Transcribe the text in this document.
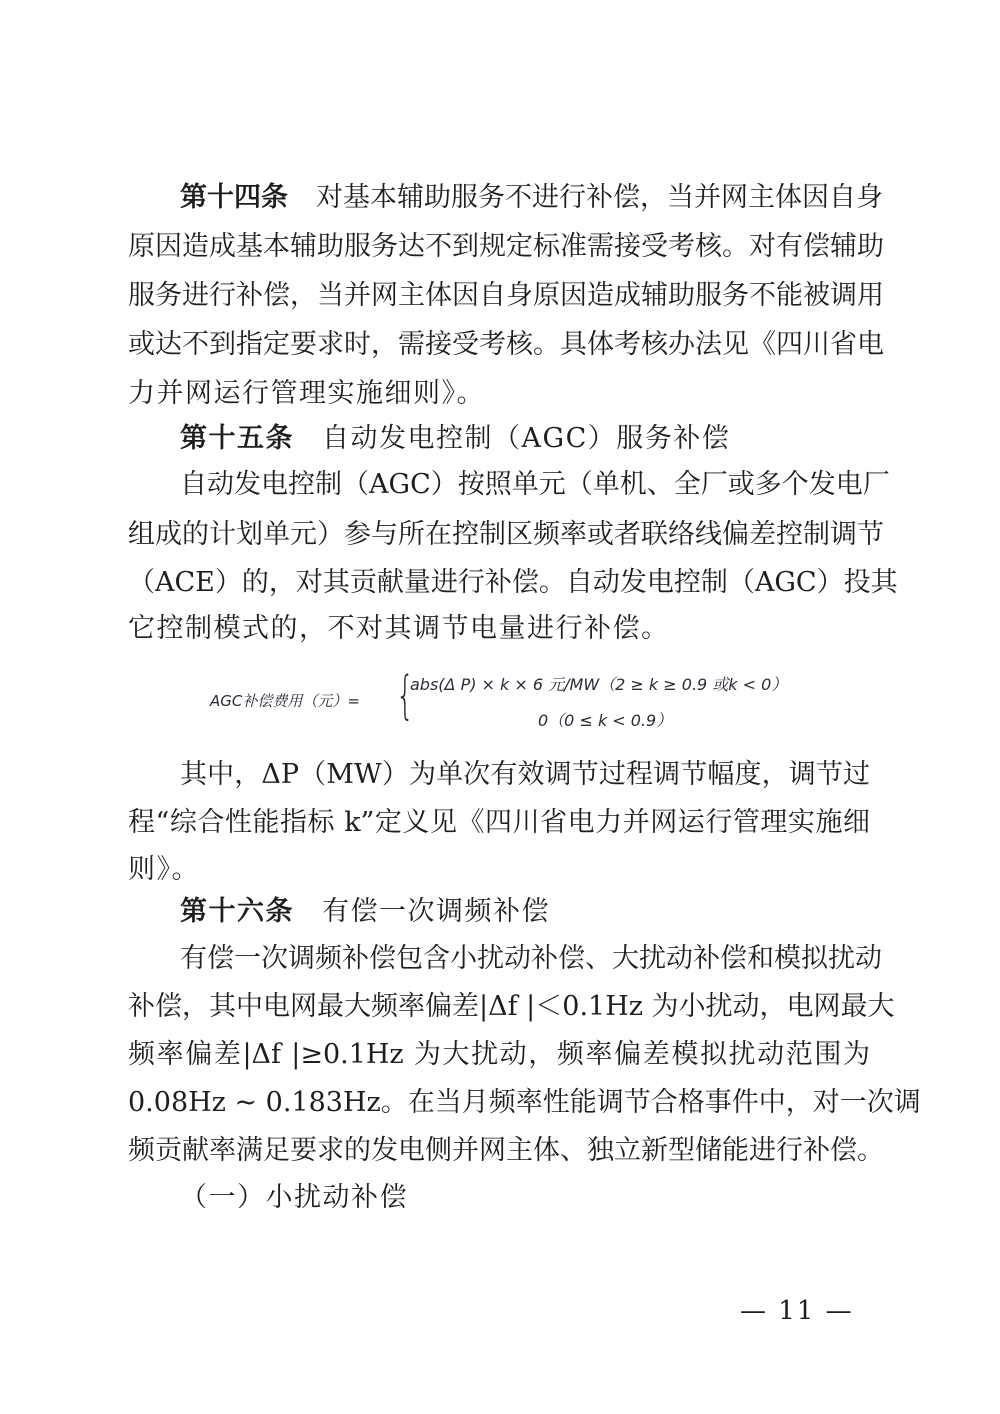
第十四条 对基本辅助服务不进行补偿，当并网主体因自身
原因造成基本辅助服务达不到规定标准需接受考核。对有偿辅助
服务进行补偿，当并网主体因自身原因造成辅助服务不能被调用
或达不到指定要求时，需接受考核。具体考核办法见《四川省电
力并网运行管理实施细则》。
第十五条 自动发电控制（AGC）服务补偿
自动发电控制（AGC）按照单元（单机、全厂或多个发电厂
组成的计划单元）参与所在控制区频率或者联络线偏差控制调节
（ACE）的，对其贡献量进行补偿。自动发电控制（AGC）投其
它控制模式的，不对其调节电量进行补偿。
AGC补偿费用（元）= {
abs(Δ P) × k × 6 元/MW（2 ≥ k ≥ 0.9 或k < 0）
0（0 ≤ k < 0.9）
其中，ΔP（MW）为单次有效调节过程调节幅度，调节过
程“综合性能指标 k”定义见《四川省电力并网运行管理实施细
则》。
第十六条 有偿一次调频补偿
有偿一次调频补偿包含小扰动补偿、大扰动补偿和模拟扰动
补偿，其中电网最大频率偏差|Δf |＜0.1Hz 为小扰动，电网最大
频率偏差|Δf |≥0.1Hz 为大扰动，频率偏差模拟扰动范围为
0.08Hz ~ 0.183Hz。在当月频率性能调节合格事件中，对一次调
频贡献率满足要求的发电侧并网主体、独立新型储能进行补偿。
（一）小扰动补偿
— 11 —
